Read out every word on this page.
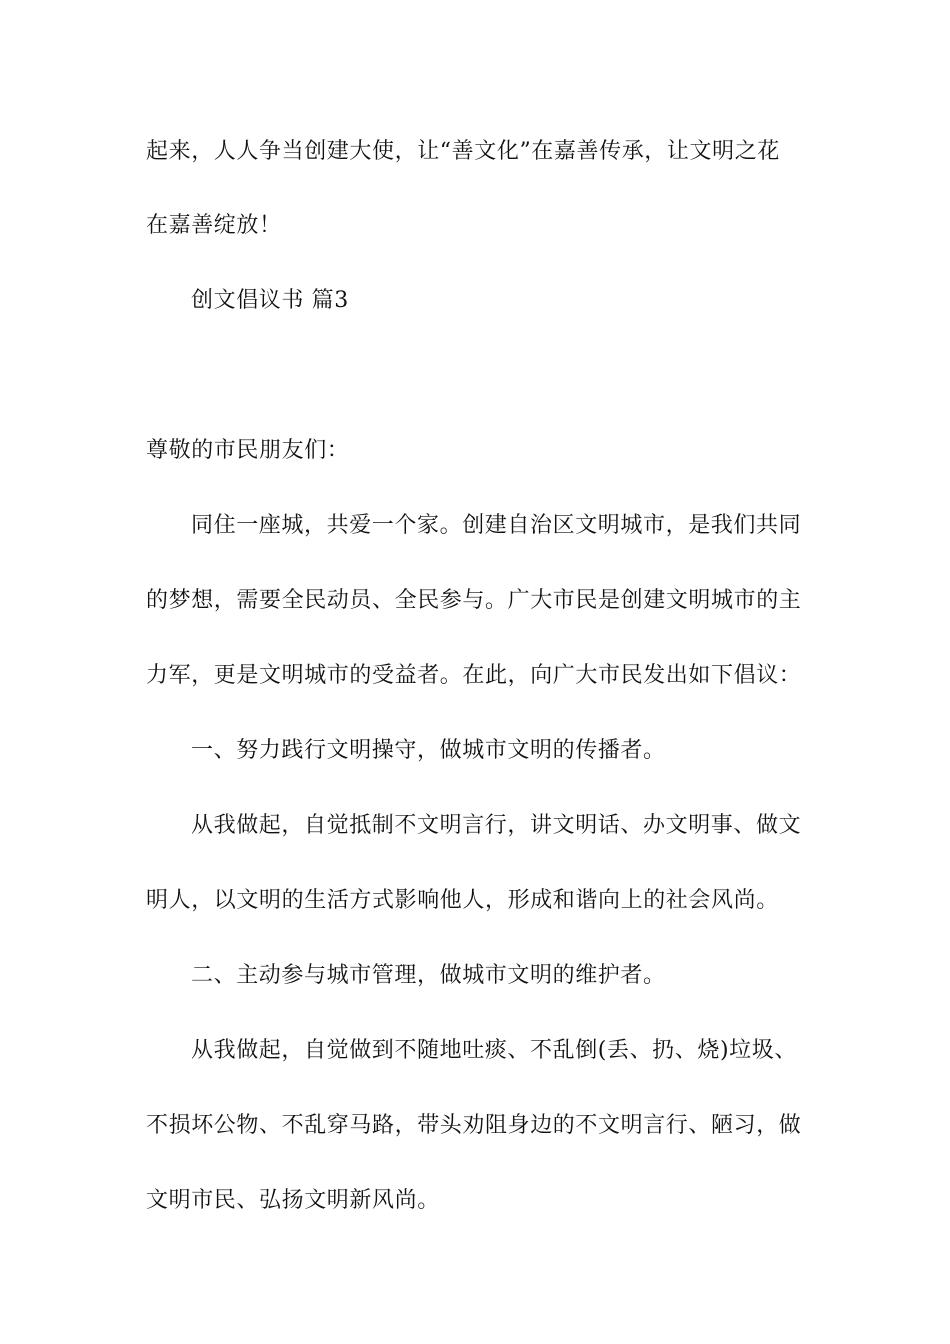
起来，人人争当创建大使，让“善文化”在嘉善传承，让文明之花
在嘉善绽放！
创文倡议书 篇3
尊敬的市民朋友们：
同住一座城，共爱一个家。创建自治区文明城市，是我们共同
的梦想，需要全民动员、全民参与。广大市民是创建文明城市的主
力军，更是文明城市的受益者。在此，向广大市民发出如下倡议：
一、努力践行文明操守，做城市文明的传播者。
从我做起，自觉抵制不文明言行，讲文明话、办文明事、做文
明人，以文明的生活方式影响他人，形成和谐向上的社会风尚。
二、主动参与城市管理，做城市文明的维护者。
从我做起，自觉做到不随地吐痰、不乱倒(丢、扔、烧)垃圾、
不损坏公物、不乱穿马路，带头劝阻身边的不文明言行、陋习，做
文明市民、弘扬文明新风尚。
